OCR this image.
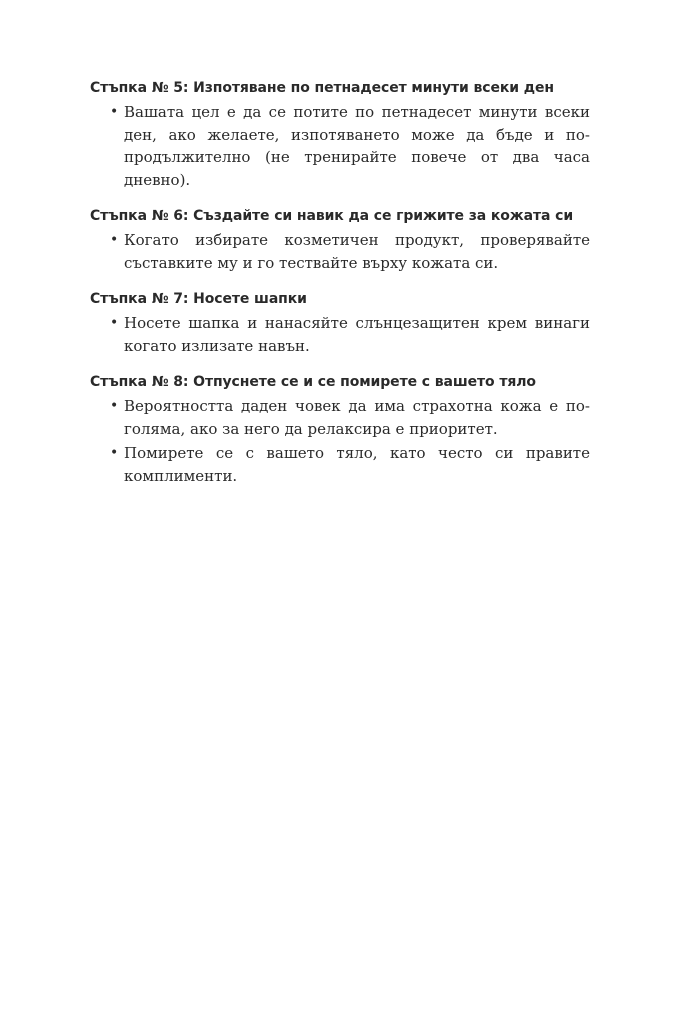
Стъпка № 5: Изпотяване по петнадесет минути всеки ден
• Вашата цел е да се потите по петнадесет минути всеки ден, ако желаете, изпотяването може да бъде и по-продължително (не тренирайте повече от два часа дневно).
Стъпка № 6: Създайте си навик да се грижите за кожата си
• Когато избирате козметичен продукт, проверявайте съставките му и го тествайте върху кожата си.
Стъпка № 7: Носете шапки
• Носете шапка и нанасяйте слънцезащитен крем винаги когато излизате навън.
Стъпка № 8: Отпуснете се и се помирете с вашето тяло
• Вероятността даден човек да има страхотна кожа е по-голяма, ако за него да релаксира е приоритет.
• Помирете се с вашето тяло, като често си правите комплименти.
